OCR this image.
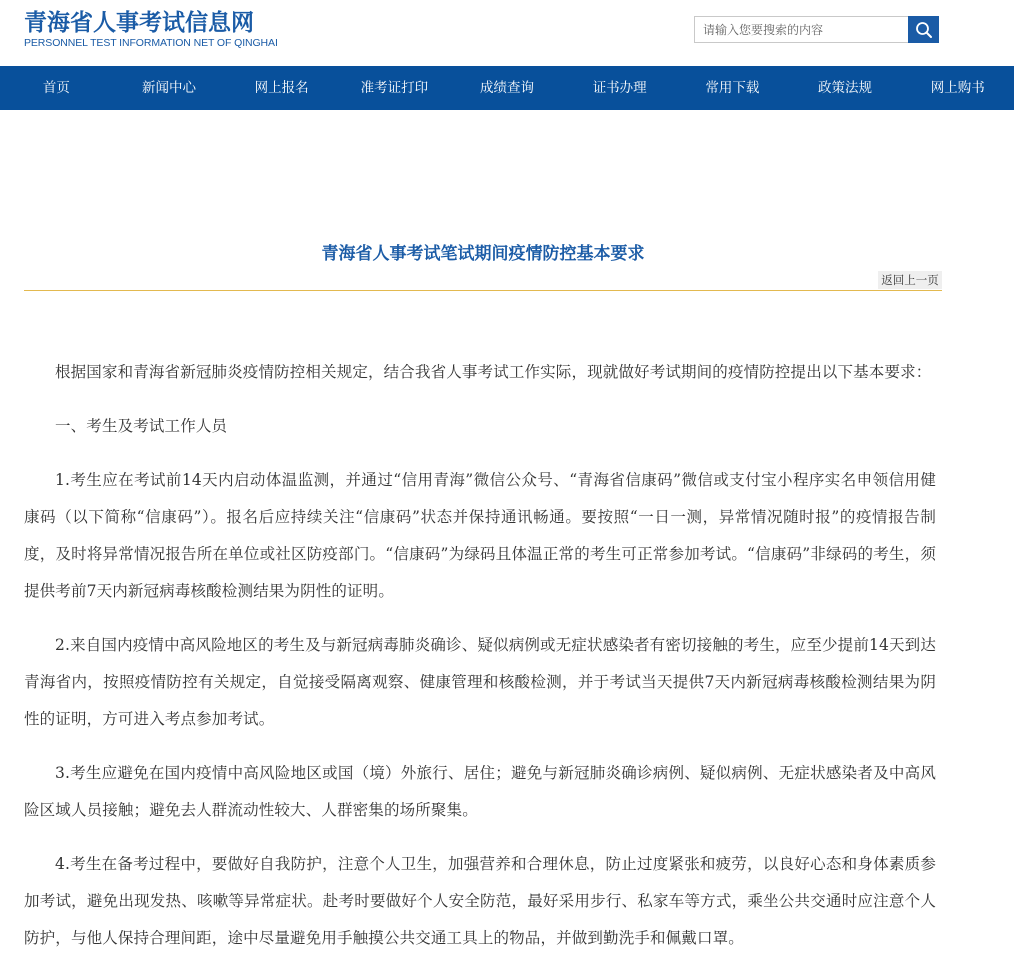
青海省人事考试信息网
PERSONNEL TEST INFORMATION NET OF QINGHAI
请输入您要搜索的内容
首页	新闻中心	网上报名	准考证打印	成绩查询	证书办理	常用下载	政策法规	网上购书
青海省人事考试笔试期间疫情防控基本要求
返回上一页

根据国家和青海省新冠肺炎疫情防控相关规定，结合我省人事考试工作实际，现就做好考试期间的疫情防控提出以下基本要求：

一、考生及考试工作人员

1.考生应在考试前14天内启动体温监测，并通过“信用青海”微信公众号、“青海省信康码”微信或支付宝小程序实名申领信用健康码（以下简称“信康码”）。报名后应持续关注“信康码”状态并保持通讯畅通。要按照“一日一测，异常情况随时报”的疫情报告制度，及时将异常情况报告所在单位或社区防疫部门。“信康码”为绿码且体温正常的考生可正常参加考试。“信康码”非绿码的考生，须提供考前7天内新冠病毒核酸检测结果为阴性的证明。

2.来自国内疫情中高风险地区的考生及与新冠病毒肺炎确诊、疑似病例或无症状感染者有密切接触的考生，应至少提前14天到达青海省内，按照疫情防控有关规定，自觉接受隔离观察、健康管理和核酸检测，并于考试当天提供7天内新冠病毒核酸检测结果为阴性的证明，方可进入考点参加考试。

3.考生应避免在国内疫情中高风险地区或国（境）外旅行、居住；避免与新冠肺炎确诊病例、疑似病例、无症状感染者及中高风险区域人员接触；避免去人群流动性较大、人群密集的场所聚集。

4.考生在备考过程中，要做好自我防护，注意个人卫生，加强营养和合理休息，防止过度紧张和疲劳，以良好心态和身体素质参加考试，避免出现发热、咳嗽等异常症状。赴考时要做好个人安全防范，最好采用步行、私家车等方式，乘坐公共交通时应注意个人防护，与他人保持合理间距，途中尽量避免用手触摸公共交通工具上的物品，并做到勤洗手和佩戴口罩。
